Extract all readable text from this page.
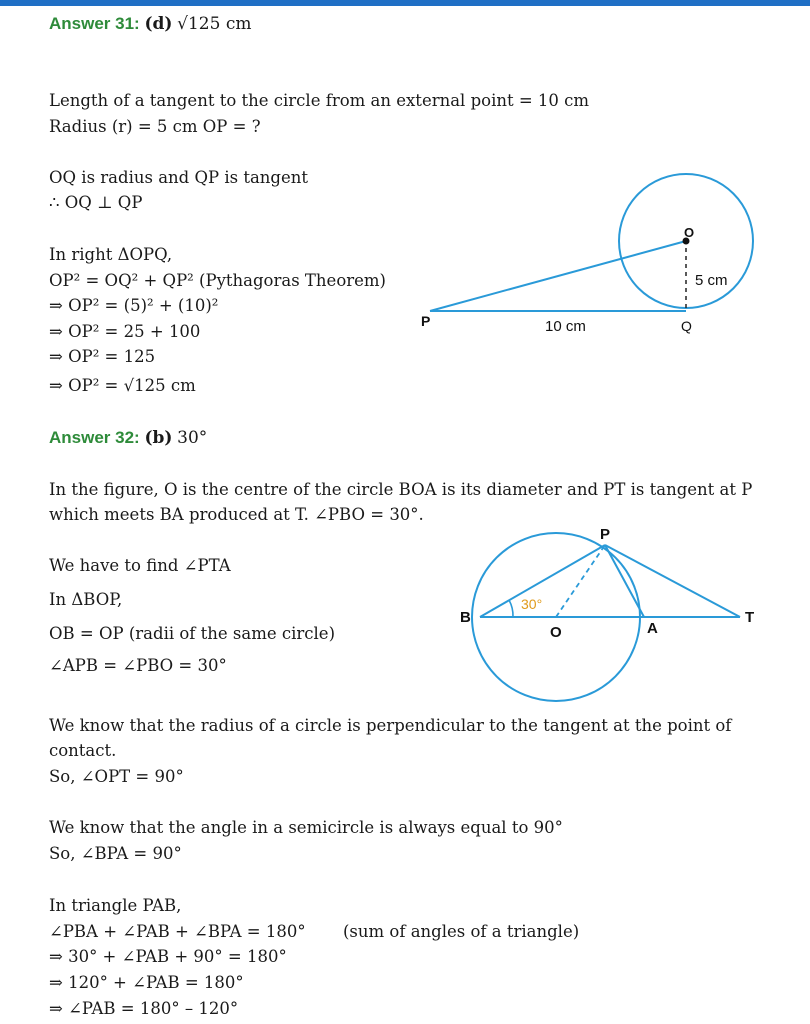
Answer 31: (d) √125 cm
Length of a tangent to the circle from an external point = 10 cm
Radius (r) = 5 cm OP = ?
OQ is radius and QP is tangent
∴ OQ ⊥ QP
In right ΔOPQ,
OP² = OQ² + QP² (Pythagoras Theorem)
⇒ OP² = (5)² + (10)²
⇒ OP² = 25 + 100
⇒ OP² = 125
⇒ OP² = √125 cm
O
P	Q
5 cm
10 cm
Answer 32: (b) 30°
In the figure, O is the centre of the circle BOA is its diameter and PT is tangent at P
which meets BA produced at T. ∠PBO = 30°.
We have to find ∠PTA
In ΔBOP,
OB = OP (radii of the same circle)
∠APB = ∠PBO = 30°
We know that the radius of a circle is perpendicular to the tangent at the point of
contact.
So, ∠OPT = 90°
We know that the angle in a semicircle is always equal to 90°
So, ∠BPA = 90°
In triangle PAB,
∠PBA + ∠PAB + ∠BPA = 180° (sum of angles of a triangle)
⇒ 30° + ∠PAB + 90° = 180°
⇒ 120° + ∠PAB = 180°
⇒ ∠PAB = 180° – 120°
30°
P
B
O	A
T
